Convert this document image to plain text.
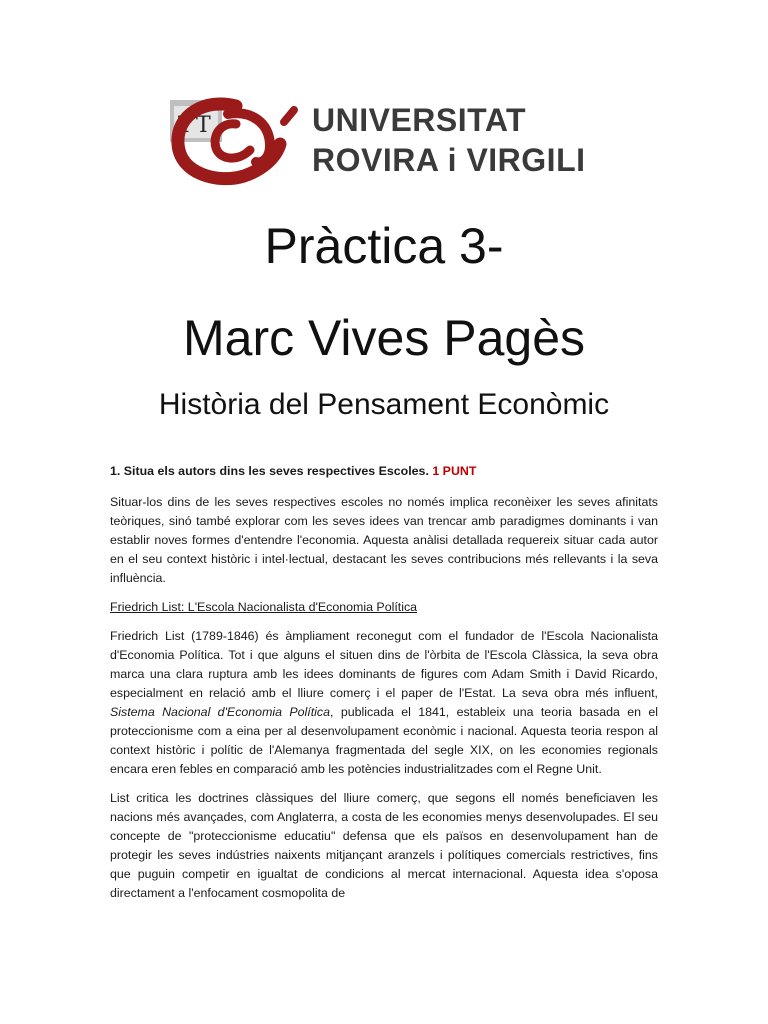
T T	UNIVERSITAT
ROVIRA i VIRGILI
Pràctica 3-
Marc Vives Pagès
Història del Pensament Econòmic

1. Situa els autors dins les seves respectives Escoles. 1 PUNT

Situar-los dins de les seves respectives escoles no només implica reconèixer les seves afinitats teòriques, sinó també explorar com les seves idees van trencar amb paradigmes dominants i van establir noves formes d'entendre l'economia. Aquesta anàlisi detallada requereix situar cada autor en el seu context històric i intel·lectual, destacant les seves contribucions més rellevants i la seva influència.

Friedrich List: L'Escola Nacionalista d'Economia Política

Friedrich List (1789-1846) és àmpliament reconegut com el fundador de l'Escola Nacionalista d'Economia Política. Tot i que alguns el situen dins de l'òrbita de l'Escola Clàssica, la seva obra marca una clara ruptura amb les idees dominants de figures com Adam Smith i David Ricardo, especialment en relació amb el lliure comerç i el paper de l'Estat. La seva obra més influent, Sistema Nacional d'Economia Política, publicada el 1841, estableix una teoria basada en el proteccionisme com a eina per al desenvolupament econòmic i nacional. Aquesta teoria respon al context històric i polític de l'Alemanya fragmentada del segle XIX, on les economies regionals encara eren febles en comparació amb les potències industrialitzades com el Regne Unit.

List critica les doctrines clàssiques del lliure comerç, que segons ell només beneficiaven les nacions més avançades, com Anglaterra, a costa de les economies menys desenvolupades. El seu concepte de "proteccionisme educatiu" defensa que els països en desenvolupament han de protegir les seves indústries naixents mitjançant aranzels i polítiques comercials restrictives, fins que puguin competir en igualtat de condicions al mercat internacional. Aquesta idea s'oposa directament a l'enfocament cosmopolita de
